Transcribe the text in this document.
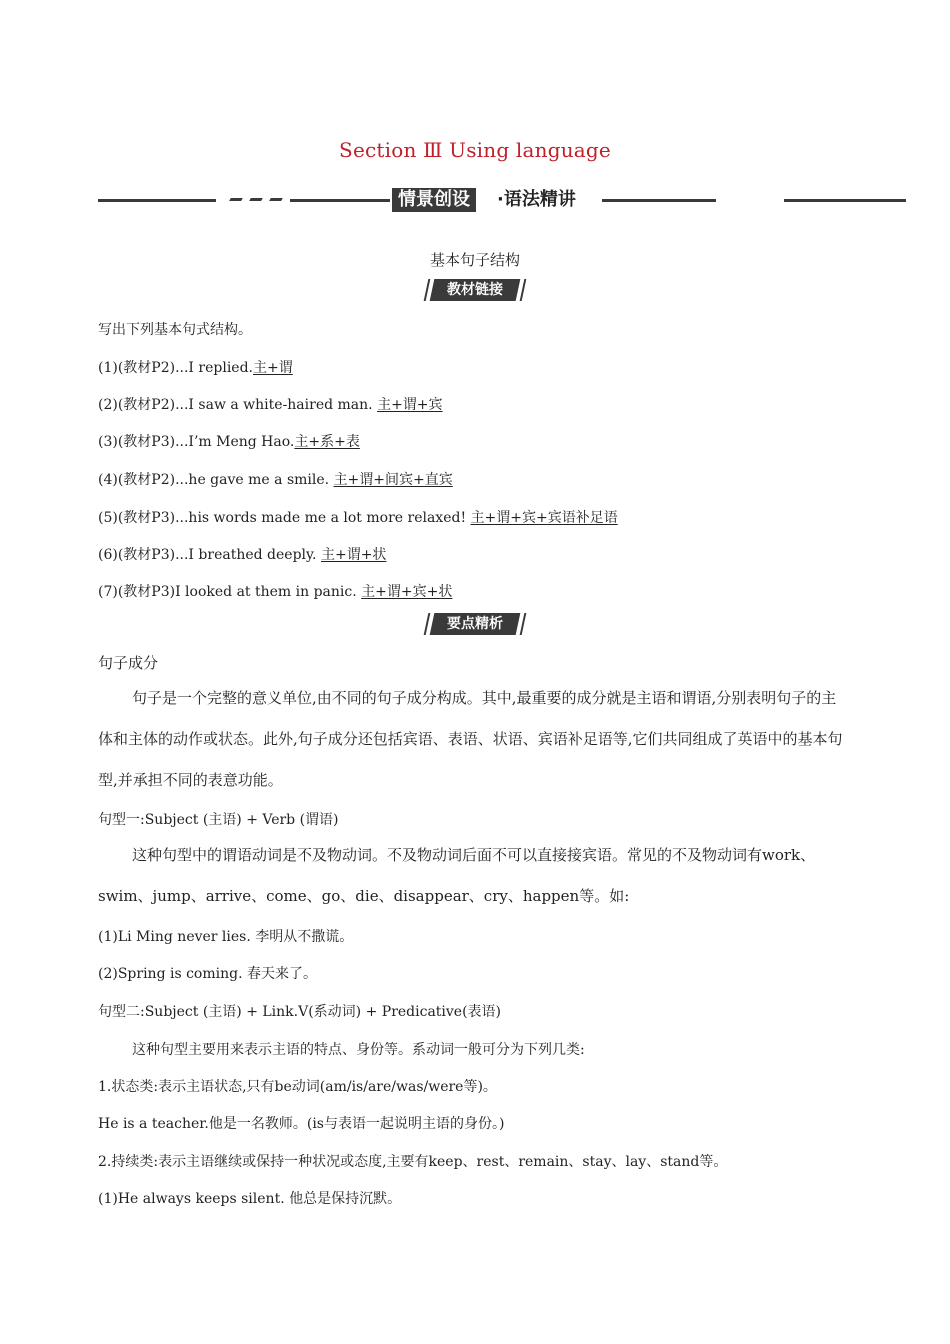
Section Ⅲ Using language
情景创设	·语法精讲
基本句子结构
教材链接
写出下列基本句式结构。
(1)(教材P2)...I replied.主+谓
(2)(教材P2)...I saw a white-haired man. 主+谓+宾
(3)(教材P3)...I’m Meng Hao.主+系+表
(4)(教材P2)...he gave me a smile. 主+谓+间宾+直宾
(5)(教材P3)...his words made me a lot more relaxed! 主+谓+宾+宾语补足语
(6)(教材P3)...I breathed deeply. 主+谓+状
(7)(教材P3)I looked at them in panic. 主+谓+宾+状
要点精析
句子成分
句子是一个完整的意义单位,由不同的句子成分构成。其中,最重要的成分就是主语和谓语,分别表明句子的主体和主体的动作或状态。此外,句子成分还包括宾语、表语、状语、宾语补足语等,它们共同组成了英语中的基本句型,并承担不同的表意功能。
句型一:Subject (主语) + Verb (谓语)
这种句型中的谓语动词是不及物动词。不及物动词后面不可以直接接宾语。常见的不及物动词有work、swim、jump、arrive、come、go、die、disappear、cry、happen等。如:
(1)Li Ming never lies. 李明从不撒谎。
(2)Spring is coming. 春天来了。
句型二:Subject (主语) + Link.V(系动词) + Predicative(表语)
这种句型主要用来表示主语的特点、身份等。系动词一般可分为下列几类:
1.状态类:表示主语状态,只有be动词(am/is/are/was/were等)。
He is a teacher.他是一名教师。(is与表语一起说明主语的身份。)
2.持续类:表示主语继续或保持一种状况或态度,主要有keep、rest、remain、stay、lay、stand等。
(1)He always keeps silent. 他总是保持沉默。
